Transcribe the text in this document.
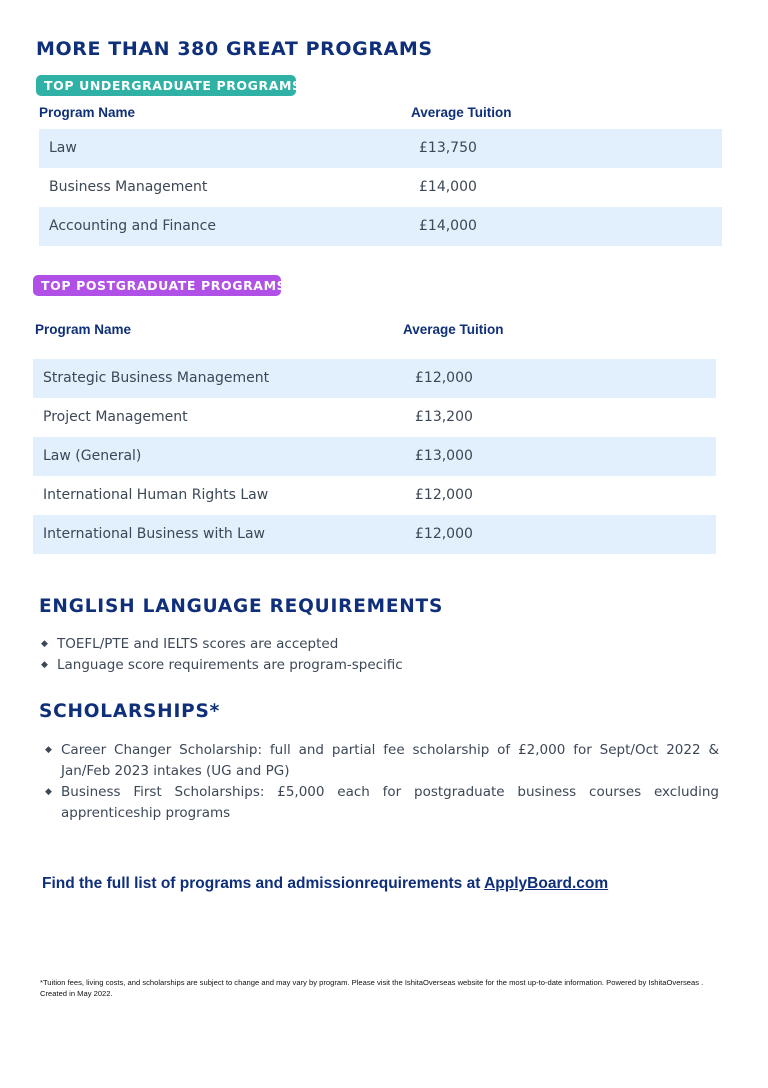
MORE THAN 380 GREAT PROGRAMS
TOP UNDERGRADUATE PROGRAMS
Program Name	Average Tuition
Law	£13,750
Business Management	£14,000
Accounting and Finance	£14,000
TOP POSTGRADUATE PROGRAMS
Program Name	Average Tuition
Strategic Business Management	£12,000
Project Management	£13,200
Law (General)	£13,000
International Human Rights Law	£12,000
International Business with Law	£12,000
ENGLISH LANGUAGE REQUIREMENTS
◆ TOEFL/PTE and IELTS scores are accepted
◆ Language score requirements are program-specific
SCHOLARSHIPS*
◆ Career Changer Scholarship: full and partial fee scholarship of £2,000 for Sept/Oct 2022 & Jan/Feb 2023 intakes (UG and PG)
◆ Business First Scholarships: £5,000 each for postgraduate business courses excluding apprenticeship programs
Find the full list of programs and admissionrequirements at ApplyBoard.com
*Tuition fees, living costs, and scholarships are subject to change and may vary by program. Please visit the IshitaOverseas website for the most up-to-date information. Powered by IshitaOverseas . Created in May 2022.
